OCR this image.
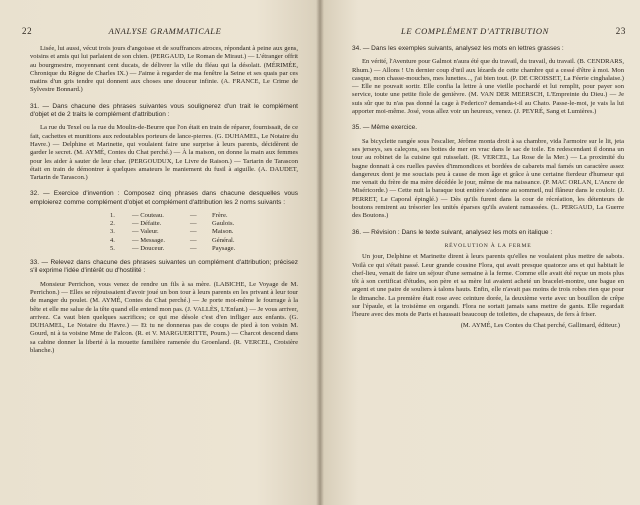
22	ANALYSE GRAMMATICALE

Lisée, lui aussi, vécut trois jours d'angoisse et de souffrances atroces, répondant à peine aux gens, voisins et amis qui lui parlaient de son chien. (PERGAUD, Le Roman de Miraut.) — L'étranger offrit au bourgmestre, moyennant cent ducats, de délivrer la ville du fléau qui la désolait. (MÉRIMÉE, Chronique du Règne de Charles IX.) — J'aime à regarder de ma fenêtre la Seine et ses quais par ces matins d'un gris tendre qui donnent aux choses une douceur infinie. (A. FRANCE, Le Crime de Sylvestre Bonnard.)

31. — Dans chacune des phrases suivantes vous soulignerez d'un trait le complément d'objet et de 2 traits le complément d'attribution :

La rue du Texel ou la rue du Moulin-de-Beurre que l'on était en train de réparer, fournissait, de ce fait, cachettes et munitions aux redoutables porteurs de lance-pierres. (G. DUHAMEL, Le Notaire du Havre.) — Delphine et Marinette, qui voulaient faire une surprise à leurs parents, décidèrent de garder le secret. (M. AYMÉ, Contes du Chat perché.) — À la maison, on donne la main aux femmes pour les aider à sauter de leur char. (PERGOUDUX, Le Livre de Raison.) — Tartarin de Tarascon était en train de démontrer à quelques amateurs le maniement du fusil à aiguille. (A. DAUDET, Tartarin de Tarascon.)

32. — Exercice d'invention : Composez cinq phrases dans chacune desquelles vous emploierez comme complément d'objet et complément d'attribution les 2 noms suivants :
1.	— Couteau.	—	Frère.
2.	— Défaite.	—	Gaulois.
3.	— Valeur.	—	Maison.
4.	— Message.	—	Général.
5.	— Douceur.	—	Paysage.
33. — Relevez dans chacune des phrases suivantes un complément d'attribution; précisez s'il exprime l'idée d'intérêt ou d'hostilité :

Monsieur Perrichon, vous venez de rendre un fils à sa mère. (LABICHE, Le Voyage de M. Perrichon.) — Elles se réjouissaient d'avoir joué un bon tour à leurs parents en les privant à leur tour de manger du poulet. (M. AYMÉ, Contes du Chat perché.) — Je porte moi-même le fourrage à la bête et elle me salue de la tête quand elle entend mon pas. (J. VALLÈS, L'Enfant.) — Je vous arriver, arrivez. Ca vaut bien quelques sacrifices; ce qui me désole c'est d'en infliger aux enfants. (G. DUHAMEL, Le Notaire du Havre.) — Et tu ne donneras pas de coups de pied à ton voisin M. Gourd, ni à ta voisine Mme de Falcon. (R. et V. MARGUERITTE, Poum.) — Charcot descend dans sa cabine donner la liberté à la mouette familière ramenée du Groenland. (R. VERCEL, Croisière blanche.)

LE COMPLÉMENT D'ATTRIBUTION	23
34. — Dans les exemples suivants, analysez les mots en lettres grasses :

En vérité, l'Aventure pour Galmot n'aura été que du travail, du travail, du travail. (B. CENDRARS, Rhum.) — Allons ! Un dernier coup d'œil aux lézards de cette chambre qui a cessé d'être à moi. Mon casque, mon chasse-mouches, mes lunettes..., j'ai bien tout. (P. DE CROISSET, La Féerie cinghalaise.) — Elle ne pouvait sortir. Elle confia la lettre à une vieille pochardé et lui remplit, pour payer son service, toute une petite fiole de genièvre. (M. VAN DER MEERSCH, L'Empreinte du Dieu.) — Je suis sûr que tu n'as pas donné la cage à Federico? demanda-t-il au Chato. Passe-le-moi, je vais la lui apporter moi-même. José, vous allez voir un heureux, venez. (J. PEYRÉ, Sang et Lumières.)

35. — Même exercice.

Sa bicyclette rangée sous l'escalier, Jérôme monta droit à sa chambre, vida l'armoire sur le lit, jeta ses jerseys, ses caleçons, ses bottes de mer en vrac dans le sac de toile. En redescendant il donna un tour au robinet de la cuisine qui ruisselait. (R. VERCEL, La Rose de la Mer.) — La proximité du bagne donnait à ces ruelles pavées d'immondices et bordées de cabarets mal famés un caractère assez dangereux dont je me souciais peu à cause de mon âge et grâce à une certaine fierdeur d'humeur qui me venait du frère de ma mère décédée le jour, même de ma naissance. (P. MAC ORLAN, L'Ancre de Miséricorde.) — Cette nuit la baraque tout entière s'adonne au sommeil, nul flâneur dans le couloir. (J. PERRET, Le Caporal épinglé.) — Dès qu'ils furent dans la cour de récréation, les détenteurs de boutons remirent au trésorier les unités éparses qu'ils avaient ramassées. (L. PERGAUD, La Guerre des Boutons.)

36. — Révision : Dans le texte suivant, analysez les mots en italique :
RÉVOLUTION À LA FERME

Un jour, Delphine et Marinette dirent à leurs parents qu'elles ne voulaient plus mettre de sabots. Voilà ce qui s'était passé. Leur grande cousine Flora, qui avait presque quatorze ans et qui habitait le chef-lieu, venait de faire un séjour d'une semaine à la ferme. Comme elle avait été reçue un mois plus tôt à son certificat d'études, son père et sa mère lui avaient acheté un bracelet-montre, une bague en argent et une paire de souliers à talons hauts. Enfin, elle n'avait pas moins de trois robes rien que pour le dimanche. La première était rose avec ceinture dorée, la deuxième verte avec un bouillon de crêpe sur l'épaule, et la troisième en organdi. Flora ne sortait jamais sans mettre de gants. Elle regardait l'heure avec des mots de Paris et haussait beaucoup de toilettes, de chapeaux, de fers à friser.

(M. AYMÉ, Les Contes du Chat perché, Gallimard, éditeur.)
